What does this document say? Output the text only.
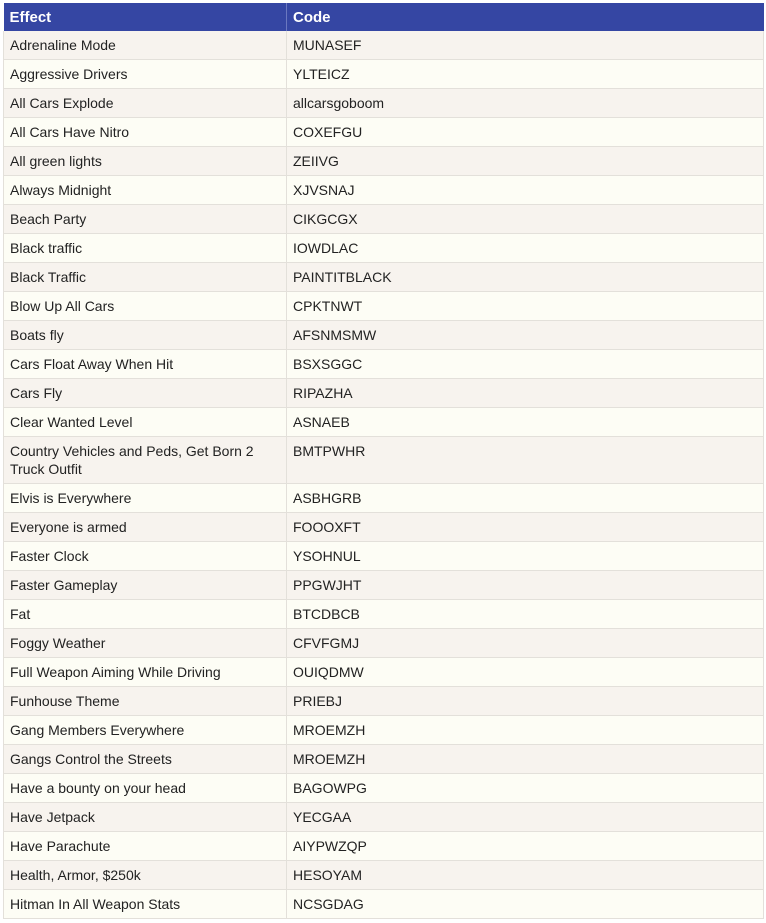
Effect	Code
Adrenaline Mode	MUNASEF
Aggressive Drivers	YLTEICZ
All Cars Explode	allcarsgoboom
All Cars Have Nitro	COXEFGU
All green lights	ZEIIVG
Always Midnight	XJVSNAJ
Beach Party	CIKGCGX
Black traffic	IOWDLAC
Black Traffic	PAINTITBLACK
Blow Up All Cars	CPKTNWT
Boats fly	AFSNMSMW
Cars Float Away When Hit	BSXSGGC
Cars Fly	RIPAZHA
Clear Wanted Level	ASNAEB
Country Vehicles and Peds, Get Born 2 Truck Outfit	BMTPWHR
Elvis is Everywhere	ASBHGRB
Everyone is armed	FOOOXFT
Faster Clock	YSOHNUL
Faster Gameplay	PPGWJHT
Fat	BTCDBCB
Foggy Weather	CFVFGMJ
Full Weapon Aiming While Driving	OUIQDMW
Funhouse Theme	PRIEBJ
Gang Members Everywhere	MROEMZH
Gangs Control the Streets	MROEMZH
Have a bounty on your head	BAGOWPG
Have Jetpack	YECGAA
Have Parachute	AIYPWZQP
Health, Armor, $250k	HESOYAM
Hitman In All Weapon Stats	NCSGDAG
